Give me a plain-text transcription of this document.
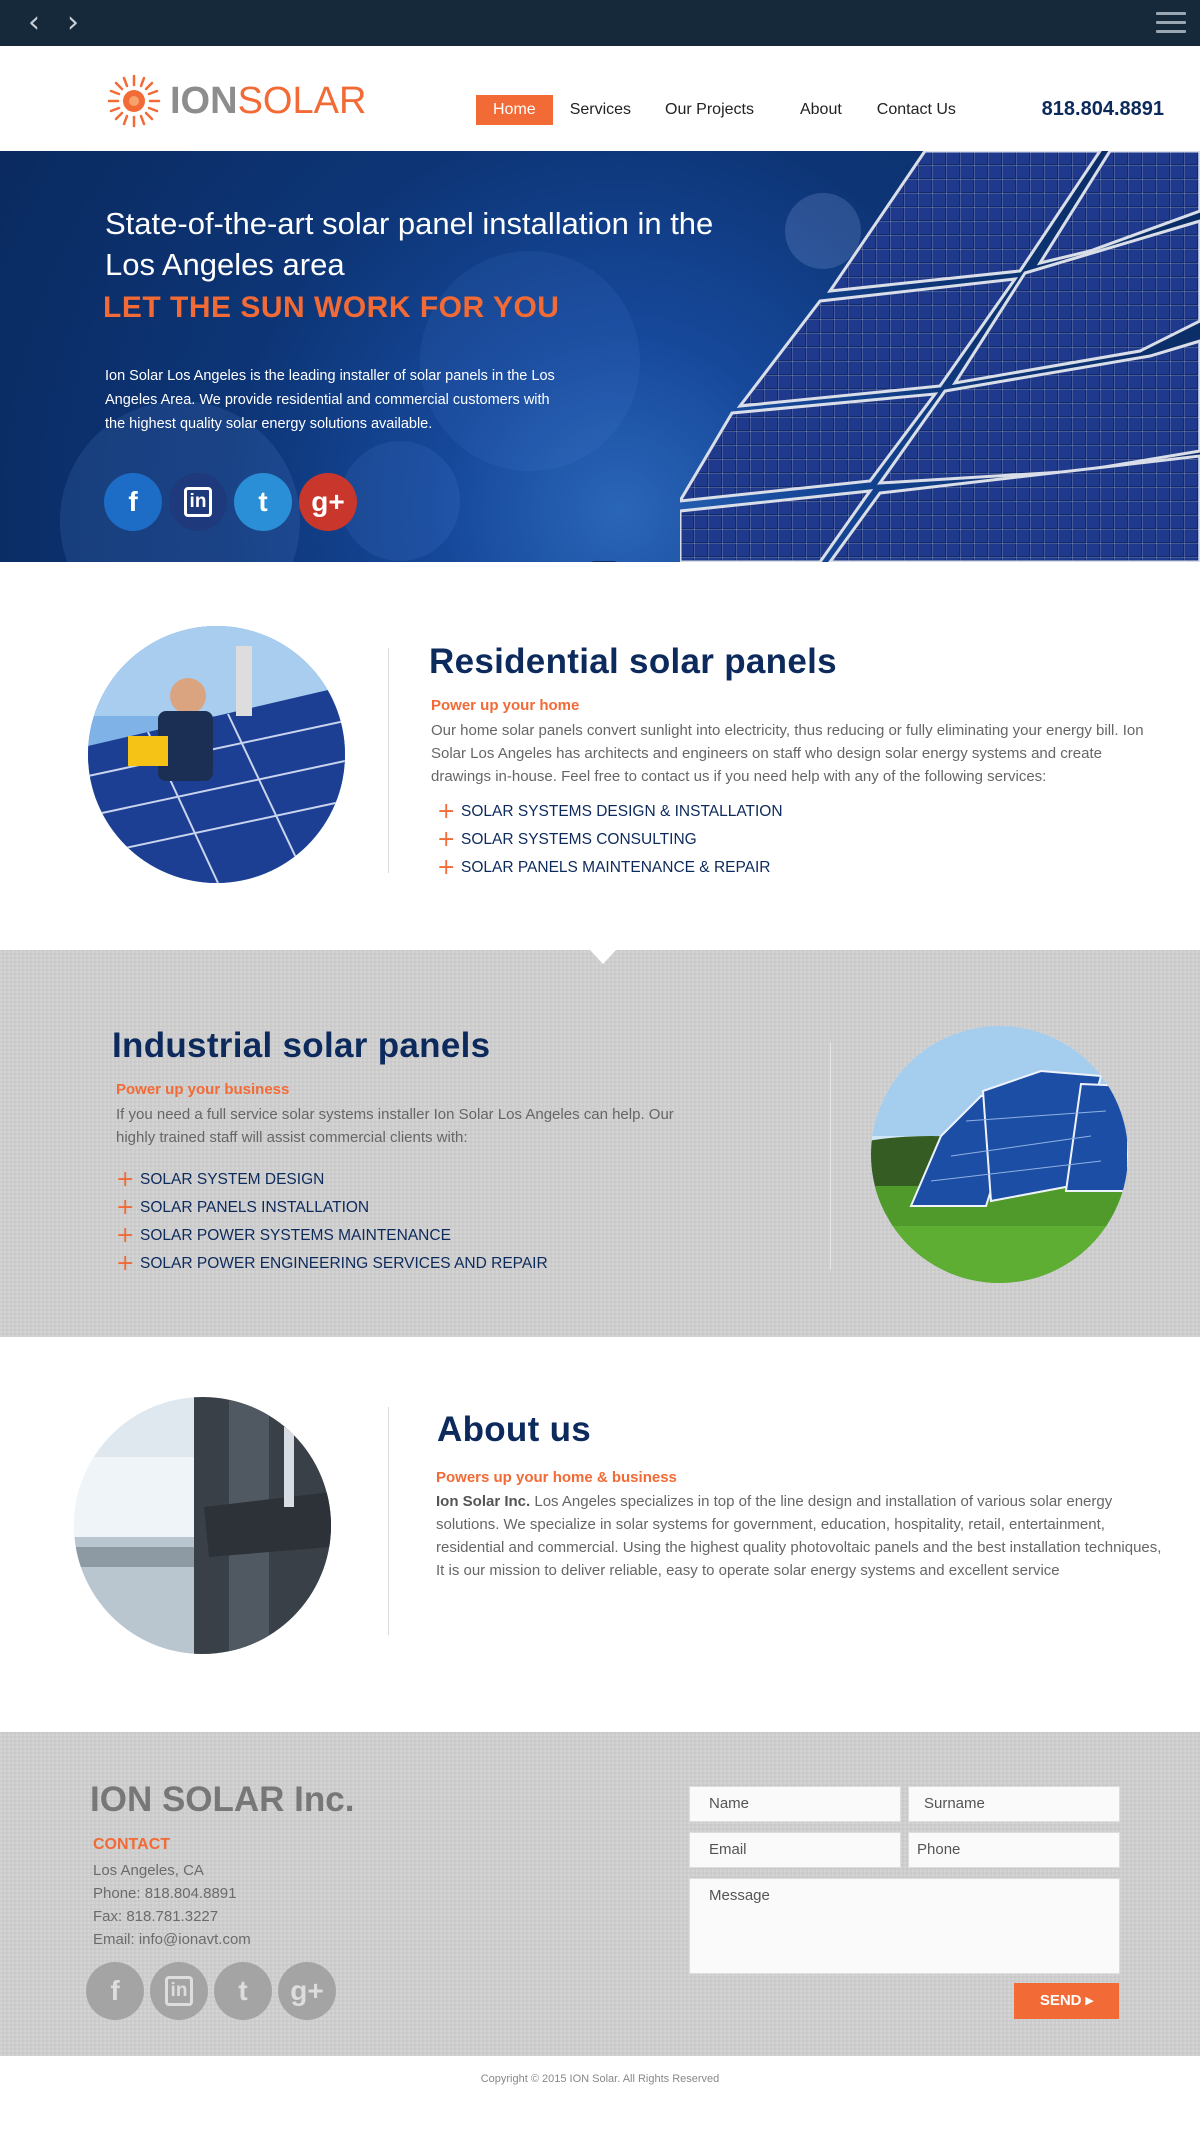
‹ ›
IONSOLAR	Home	Services	Our Projects	About	Contact Us	818.804.8891
State-of-the-art solar panel installation in the Los Angeles area
LET THE SUN WORK FOR YOU

Ion Solar Los Angeles is the leading installer of solar panels in the Los Angeles Area. We provide residential and commercial customers with the highest quality solar energy solutions available.

f	in	t	g+
Residential solar panels
Power up your home
Our home solar panels convert sunlight into electricity, thus reducing or fully eliminating your energy bill. Ion Solar Los Angeles has architects and engineers on staff who design solar energy systems and create drawings in-house. Feel free to contact us if you need help with any of the following services:
+ SOLAR SYSTEMS DESIGN & INSTALLATION
+ SOLAR SYSTEMS CONSULTING
+ SOLAR PANELS MAINTENANCE & REPAIR
Industrial solar panels
Power up your business
If you need a full service solar systems installer Ion Solar Los Angeles can help. Our highly trained staff will assist commercial clients with:
+ SOLAR SYSTEM DESIGN
+ SOLAR PANELS INSTALLATION
+ SOLAR POWER SYSTEMS MAINTENANCE
+ SOLAR POWER ENGINEERING SERVICES AND REPAIR
About us
Powers up your home & business
Ion Solar Inc. Los Angeles specializes in top of the line design and installation of various solar energy solutions. We specialize in solar systems for government, education, hospitality, retail, entertainment, residential and commercial. Using the highest quality photovoltaic panels and the best installation techniques, It is our mission to deliver reliable, easy to operate solar energy systems and excellent service
ION SOLAR Inc.
CONTACT
Los Angeles, CA
Phone: 818.804.8891
Fax: 818.781.3227
Email: info@ionavt.com
f	in	t	g+
Name	Surname
Email	Phone
Message
SEND ▸
Copyright © 2015 ION Solar. All Rights Reserved
